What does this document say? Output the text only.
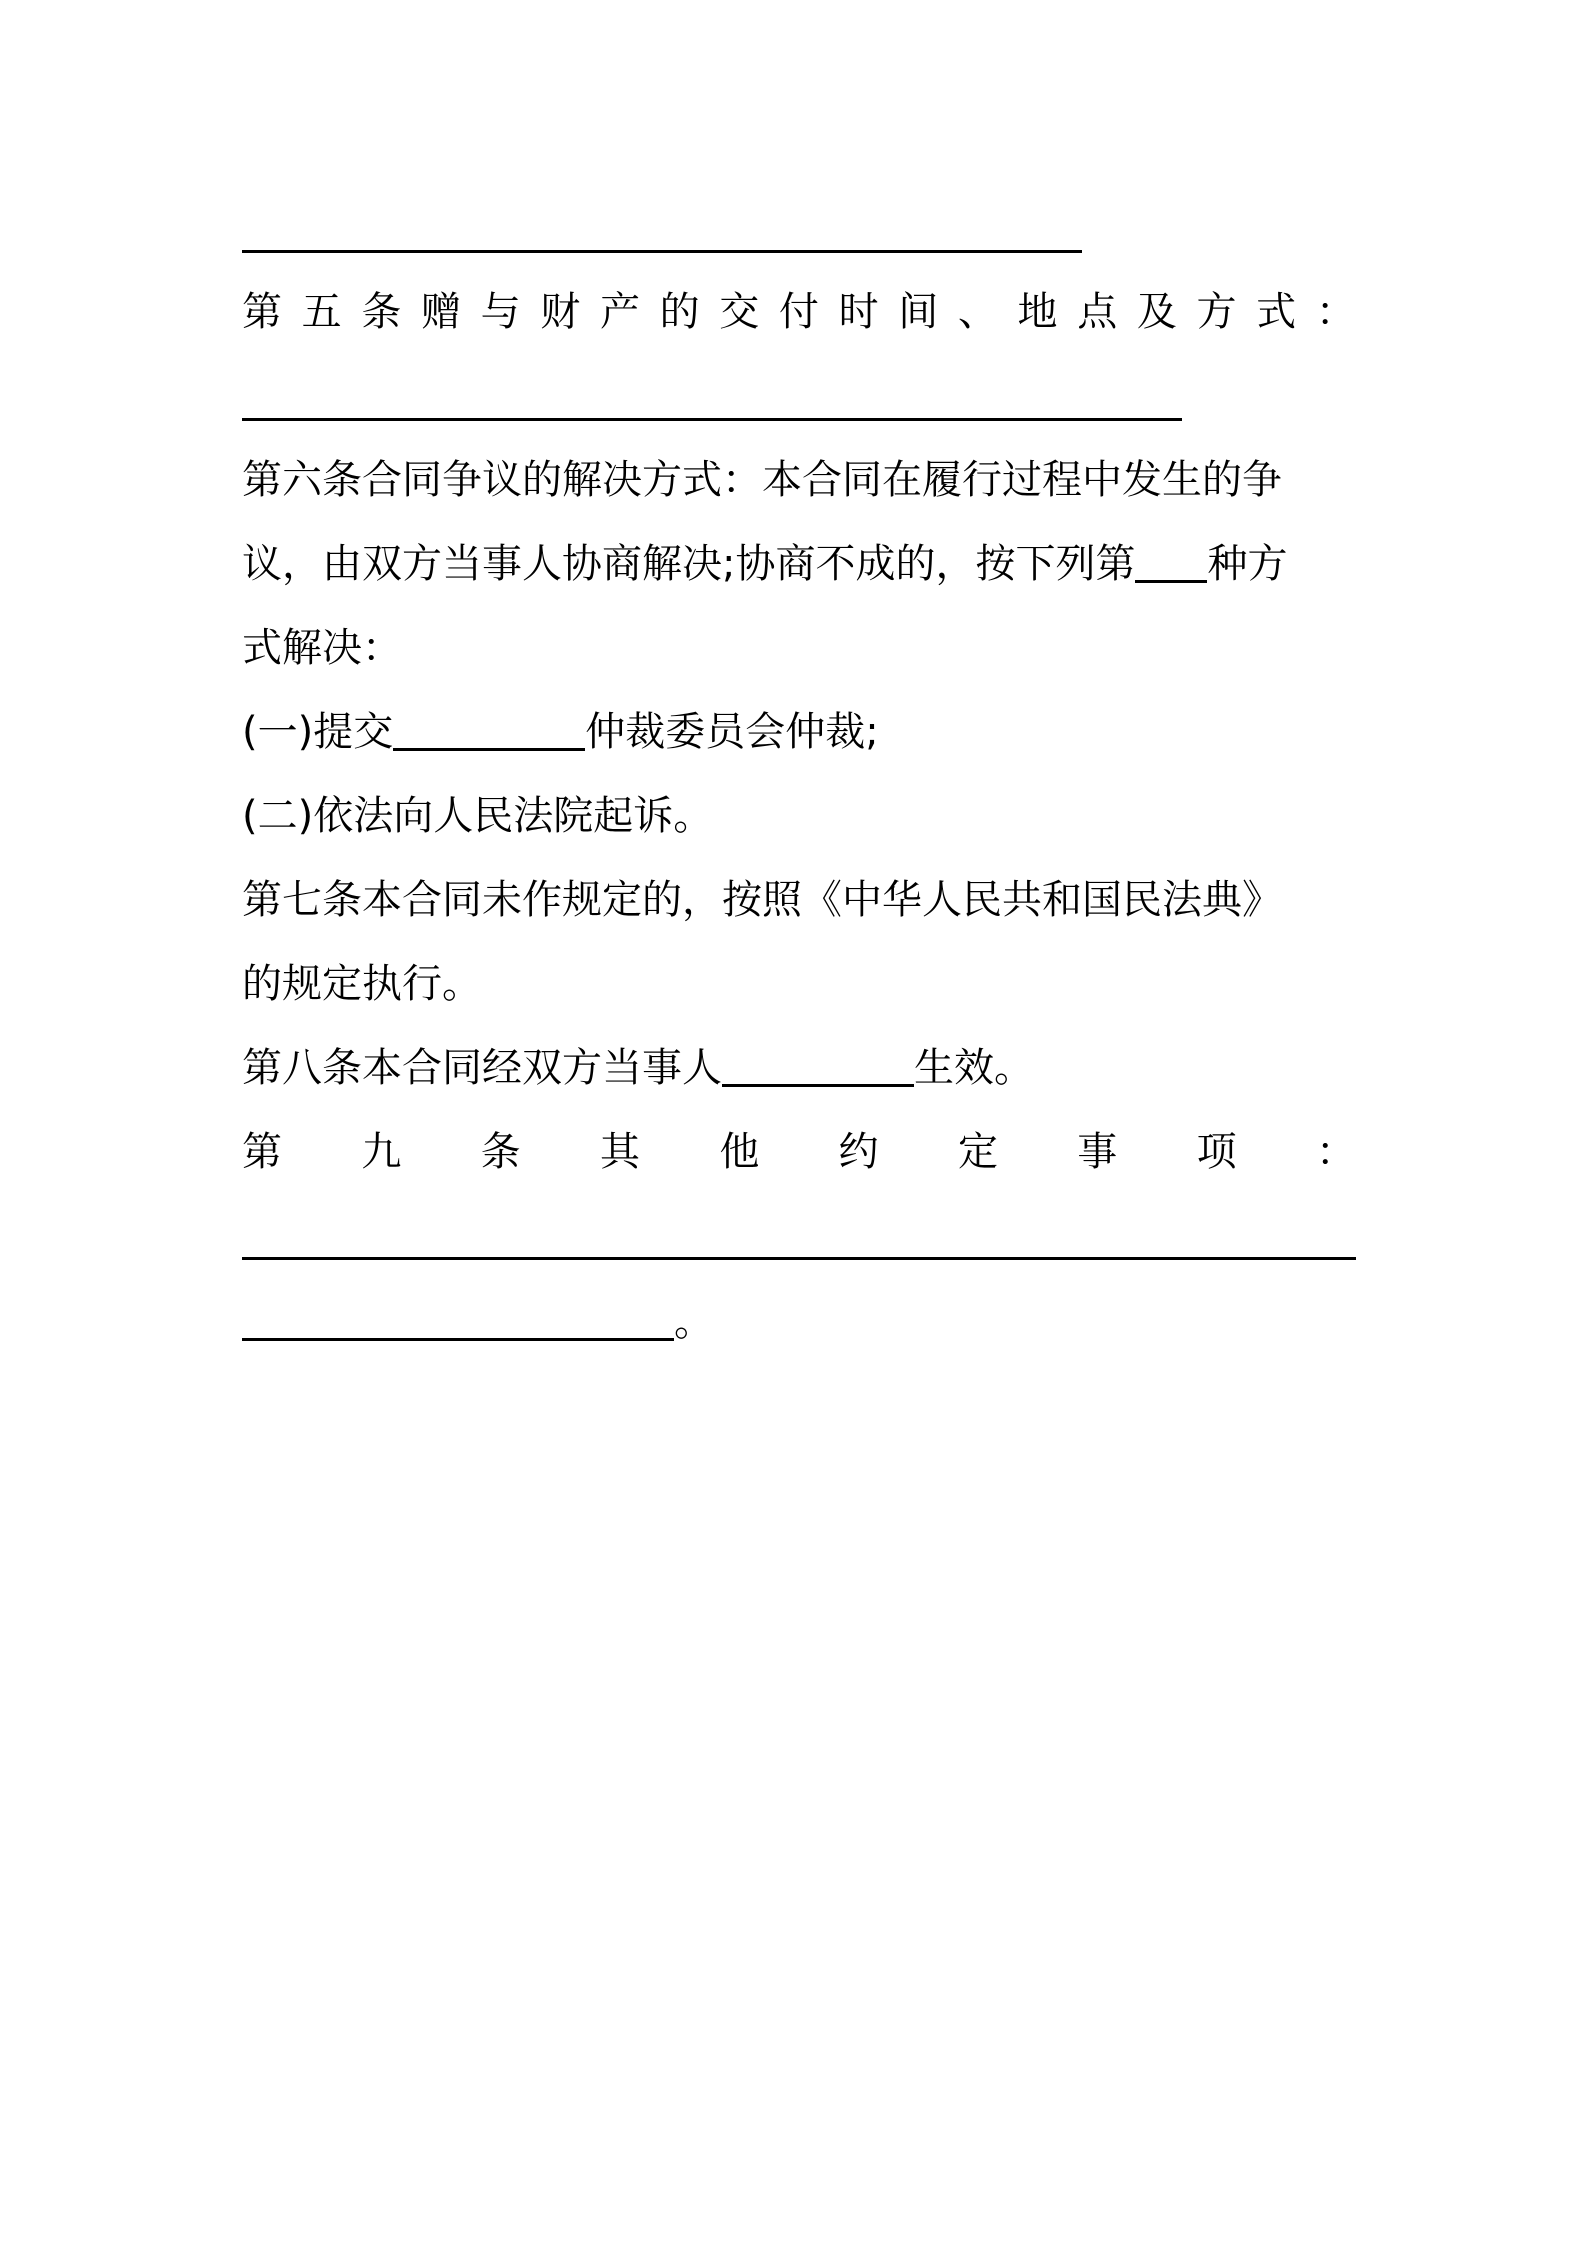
第 五 条 赠 与 财 产 的 交 付 时 间 、 地 点 及 方 式 ：
第六条合同争议的解决方式：本合同在履行过程中发生的争
议，由双方当事人协商解决;协商不成的，按下列第 种方
式解决：
(一)提交	仲裁委员会仲裁;
(二)依法向人民法院起诉。
第七条本合同未作规定的，按照《中华人民共和国民法典》
的规定执行。
第八条本合同经双方当事人	生效。
第 九 条 其 他 约 定 事 项 ：
。
